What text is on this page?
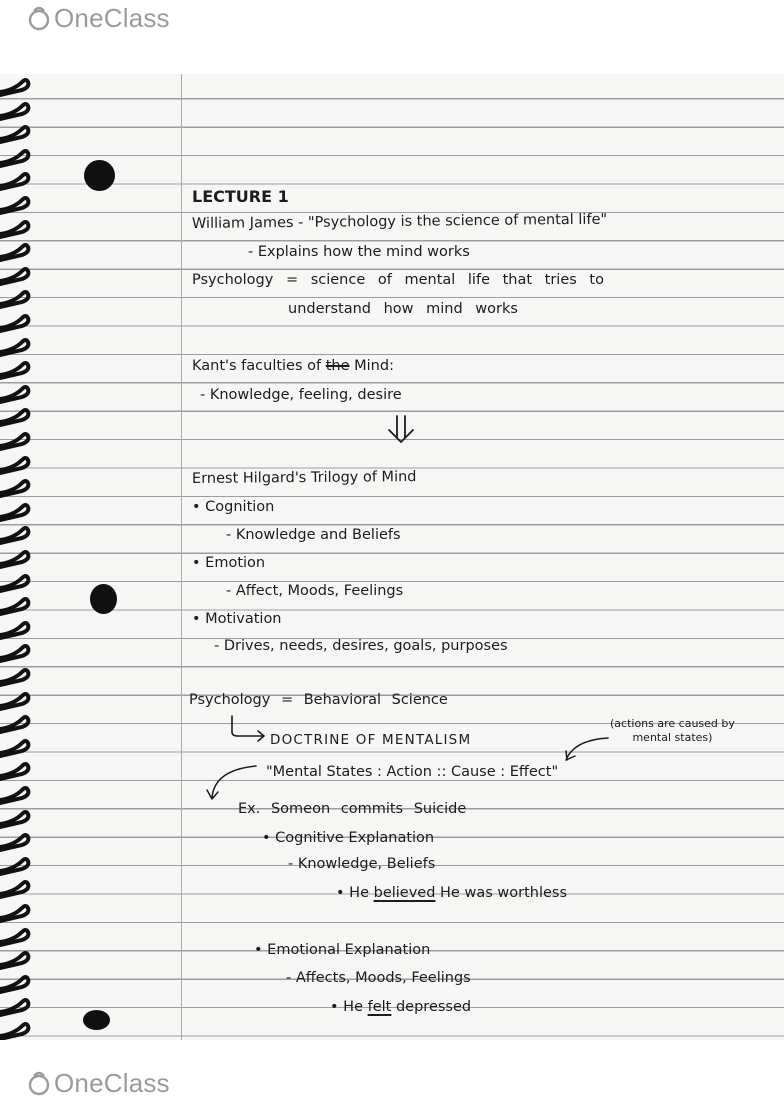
OneClass
LECTURE 1
William James - "Psychology is the science of mental life"
- Explains how the mind works
Psychology = science of mental life that tries to
understand how mind works
Kant's faculties of the Mind:
- Knowledge, feeling, desire
Ernest Hilgard's Trilogy of Mind
• Cognition
- Knowledge and Beliefs
• Emotion
- Affect, Moods, Feelings
• Motivation
- Drives, needs, desires, goals, purposes
Psychology = Behavioral Science
DOCTRINE OF MENTALISM
(actions are caused by
mental states)
"Mental States : Action :: Cause : Effect"
Ex. Someon commits Suicide
• Cognitive Explanation
- Knowledge, Beliefs
• He believed He was worthless
• Emotional Explanation
- Affects, Moods, Feelings
• He felt depressed
OneClass
